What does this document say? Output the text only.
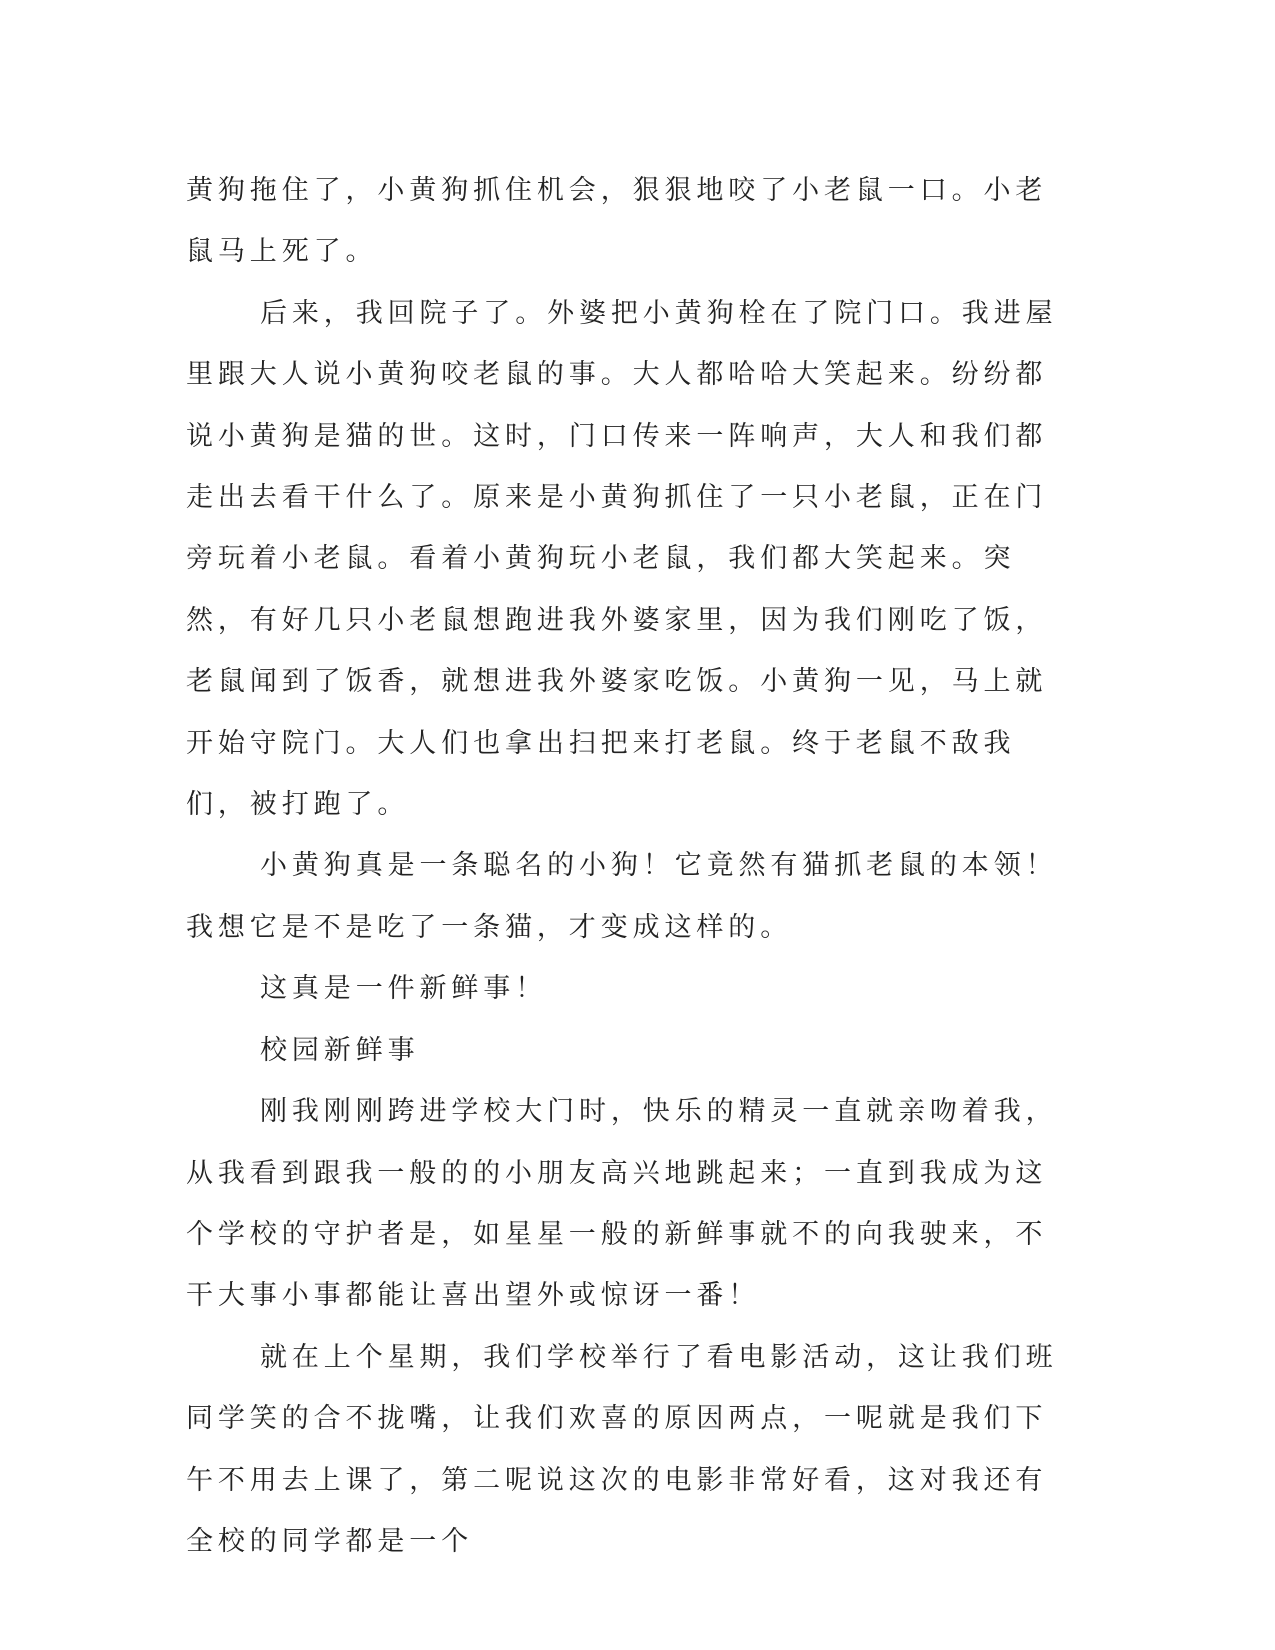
黄狗拖住了，小黄狗抓住机会，狠狠地咬了小老鼠一口。小老鼠马上死了。

后来，我回院子了。外婆把小黄狗栓在了院门口。我进屋里跟大人说小黄狗咬老鼠的事。大人都哈哈大笑起来。纷纷都说小黄狗是猫的世。这时，门口传来一阵响声，大人和我们都走出去看干什么了。原来是小黄狗抓住了一只小老鼠，正在门旁玩着小老鼠。看着小黄狗玩小老鼠，我们都大笑起来。突然，有好几只小老鼠想跑进我外婆家里，因为我们刚吃了饭，老鼠闻到了饭香，就想进我外婆家吃饭。小黄狗一见，马上就开始守院门。大人们也拿出扫把来打老鼠。终于老鼠不敌我们，被打跑了。

小黄狗真是一条聪名的小狗！它竟然有猫抓老鼠的本领！我想它是不是吃了一条猫，才变成这样的。

这真是一件新鲜事！

校园新鲜事

刚我刚刚跨进学校大门时，快乐的精灵一直就亲吻着我，从我看到跟我一般的的小朋友高兴地跳起来；一直到我成为这个学校的守护者是，如星星一般的新鲜事就不的向我驶来，不干大事小事都能让喜出望外或惊讶一番！

就在上个星期，我们学校举行了看电影活动，这让我们班同学笑的合不拢嘴，让我们欢喜的原因两点，一呢就是我们下午不用去上课了，第二呢说这次的电影非常好看，这对我还有全校的同学都是一个
